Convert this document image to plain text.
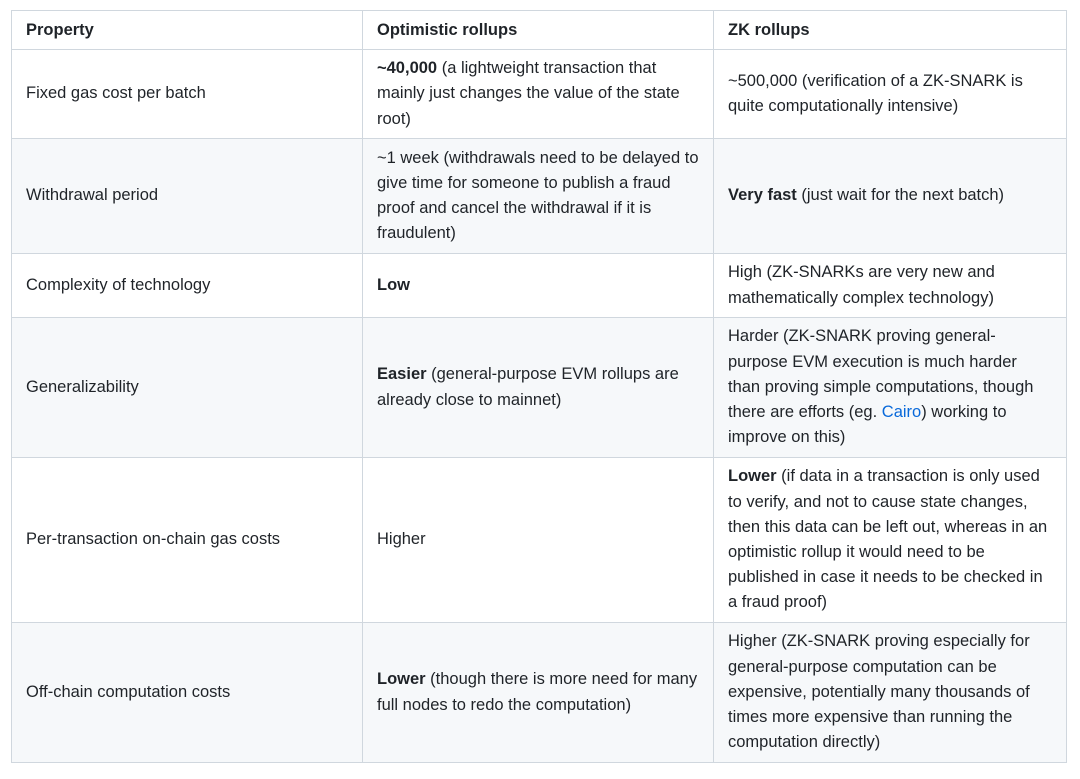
Property	Optimistic rollups	ZK rollups
Fixed gas cost per batch	~40,000 (a lightweight transaction that mainly just changes the value of the state root)	~500,000 (verification of a ZK-SNARK is quite computationally intensive)
Withdrawal period	~1 week (withdrawals need to be delayed to give time for someone to publish a fraud proof and cancel the withdrawal if it is fraudulent)	Very fast (just wait for the next batch)
Complexity of technology	Low	High (ZK-SNARKs are very new and mathematically complex technology)
Generalizability	Easier (general-purpose EVM rollups are already close to mainnet)	Harder (ZK-SNARK proving general-purpose EVM execution is much harder than proving simple computations, though there are efforts (eg. Cairo) working to improve on this)
Per-transaction on-chain gas costs	Higher	Lower (if data in a transaction is only used to verify, and not to cause state changes, then this data can be left out, whereas in an optimistic rollup it would need to be published in case it needs to be checked in a fraud proof)
Off-chain computation costs	Lower (though there is more need for many full nodes to redo the computation)	Higher (ZK-SNARK proving especially for general-purpose computation can be expensive, potentially many thousands of times more expensive than running the computation directly)
